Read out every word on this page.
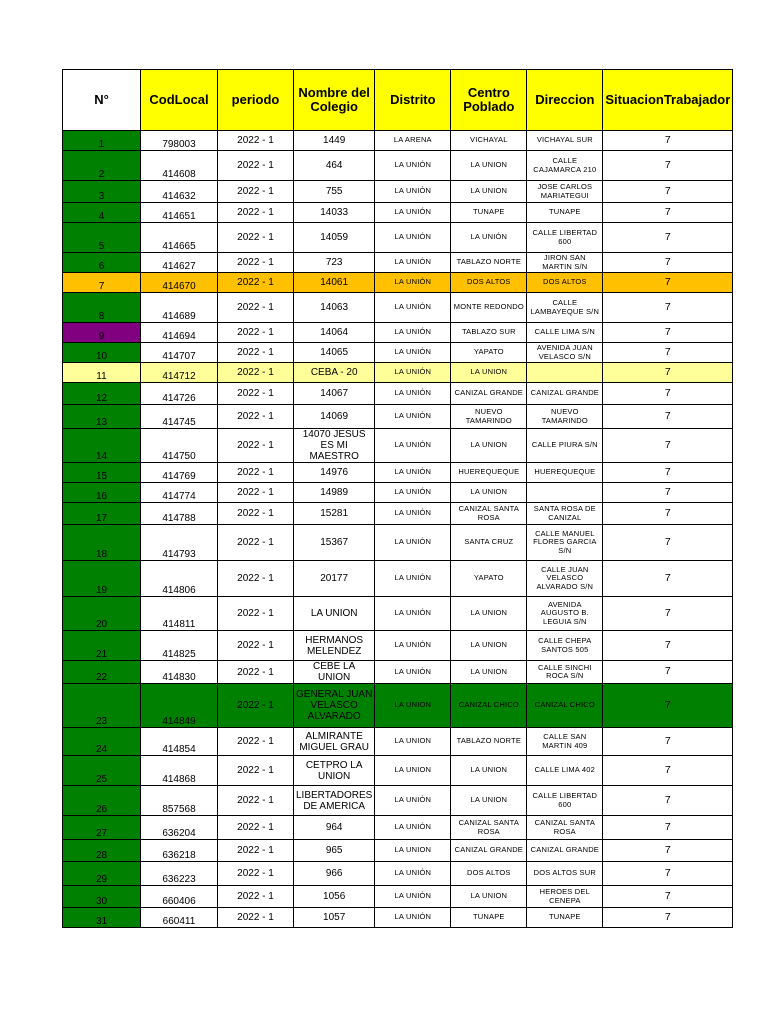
N°	CodLocal	periodo	Nombre del Colegio	Distrito	Centro Poblado	Direccion	SituacionTrabajador
1	798003	2022 - 1	1449	LA ARENA	VICHAYAL	VICHAYAL SUR	7
2	414608	2022 - 1	464	LA UNIÓN	LA UNION	CALLE CAJAMARCA 210	7
3	414632	2022 - 1	755	LA UNIÓN	LA UNION	JOSE CARLOS MARIATEGUI	7
4	414651	2022 - 1	14033	LA UNIÓN	TUNAPE	TUNAPE	7
5	414665	2022 - 1	14059	LA UNIÓN	LA UNIÓN	CALLE LIBERTAD 600	7
6	414627	2022 - 1	723	LA UNIÓN	TABLAZO NORTE	JIRON SAN MARTIN S/N	7
7	414670	2022 - 1	14061	LA UNIÓN	DOS ALTOS	DOS ALTOS	7
8	414689	2022 - 1	14063	LA UNIÓN	MONTE REDONDO	CALLE LAMBAYEQUE S/N	7
9	414694	2022 - 1	14064	LA UNIÓN	TABLAZO SUR	CALLE LIMA S/N	7
10	414707	2022 - 1	14065	LA UNIÓN	YAPATO	AVENIDA JUAN VELASCO S/N	7
11	414712	2022 - 1	CEBA - 20	LA UNIÓN	LA UNION		7
12	414726	2022 - 1	14067	LA UNIÓN	CANIZAL GRANDE	CANIZAL GRANDE	7
13	414745	2022 - 1	14069	LA UNIÓN	NUEVO TAMARINDO	NUEVO TAMARINDO	7
14	414750	2022 - 1	14070 JESUS ES MI MAESTRO	LA UNIÓN	LA UNION	CALLE PIURA S/N	7
15	414769	2022 - 1	14976	LA UNIÓN	HUEREQUEQUE	HUEREQUEQUE	7
16	414774	2022 - 1	14989	LA UNIÓN	LA UNION		7
17	414788	2022 - 1	15281	LA UNIÓN	CANIZAL SANTA ROSA	SANTA ROSA DE CANIZAL	7
18	414793	2022 - 1	15367	LA UNIÓN	SANTA CRUZ	CALLE MANUEL FLORES GARCIA S/N	7
19	414806	2022 - 1	20177	LA UNIÓN	YAPATO	CALLE JUAN VELASCO ALVARADO S/N	7
20	414811	2022 - 1	LA UNION	LA UNIÓN	LA UNION	AVENIDA AUGUSTO B. LEGUIA S/N	7
21	414825	2022 - 1	HERMANOS MELENDEZ	LA UNIÓN	LA UNION	CALLE CHEPA SANTOS 505	7
22	414830	2022 - 1	CEBE LA UNION	LA UNIÓN	LA UNION	CALLE SINCHI ROCA S/N	7
23	414849	2022 - 1	GENERAL JUAN VELASCO ALVARADO	LA UNION	CANIZAL CHICO	CANIZAL CHICO	7
24	414854	2022 - 1	ALMIRANTE MIGUEL GRAU	LA UNION	TABLAZO NORTE	CALLE SAN MARTIN 409	7
25	414868	2022 - 1	CETPRO LA UNION	LA UNION	LA UNION	CALLE LIMA 402	7
26	857568	2022 - 1	LIBERTADORES DE AMERICA	LA UNIÓN	LA UNION	CALLE LIBERTAD 600	7
27	636204	2022 - 1	964	LA UNIÓN	CANIZAL SANTA ROSA	CANIZAL SANTA ROSA	7
28	636218	2022 - 1	965	LA UNION	CANIZAL GRANDE	CANIZAL GRANDE	7
29	636223	2022 - 1	966	LA UNIÓN	DOS ALTOS	DOS ALTOS SUR	7
30	660406	2022 - 1	1056	LA UNIÓN	LA UNION	HEROES DEL CENEPA	7
31	660411	2022 - 1	1057	LA UNIÓN	TUNAPE	TUNAPE	7
